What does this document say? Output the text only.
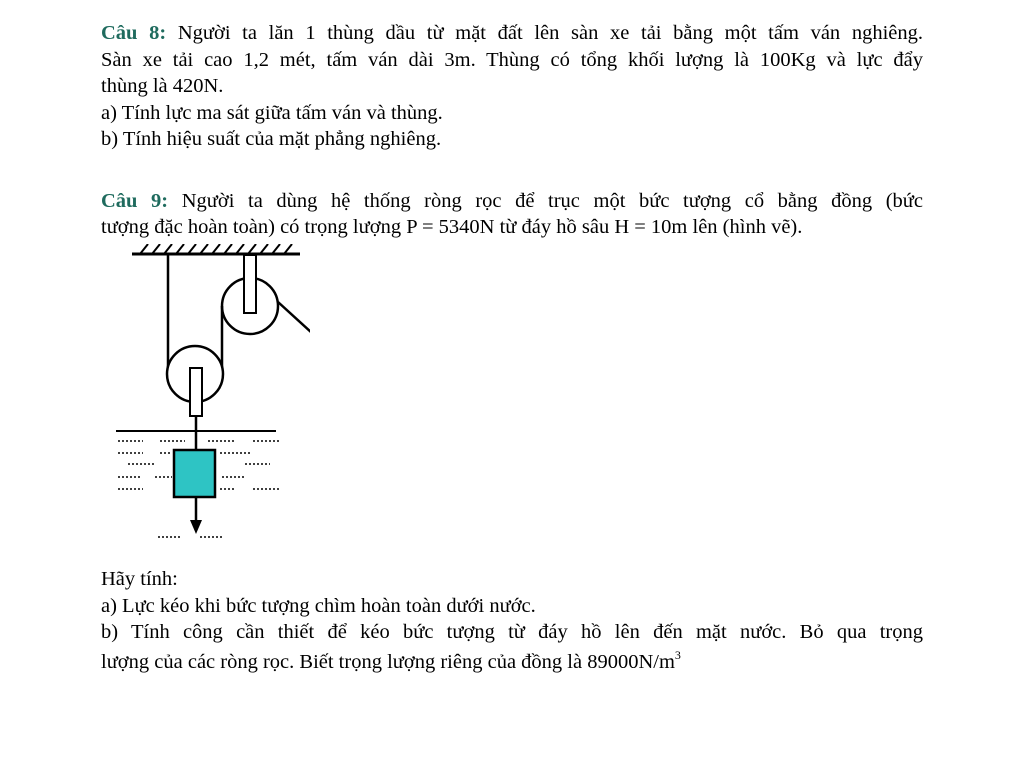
Câu 8: Người ta lăn 1 thùng dầu từ mặt đất lên sàn xe tải bằng một tấm ván nghiêng.

Sàn xe tải cao 1,2 mét, tấm ván dài 3m. Thùng có tổng khối lượng là 100Kg và lực đẩy

thùng là 420N.

a) Tính lực ma sát giữa tấm ván và thùng.

b) Tính hiệu suất của mặt phẳng nghiêng.

Câu 9: Người ta dùng hệ thống ròng rọc để trục một bức tượng cổ bằng đồng (bức

tượng đặc hoàn toàn) có trọng lượng P = 5340N từ đáy hồ sâu H = 10m lên (hình vẽ).

Hãy tính:

a) Lực kéo khi bức tượng chìm hoàn toàn dưới nước.

b) Tính công cần thiết để kéo bức tượng từ đáy hồ lên đến mặt nước. Bỏ qua trọng

lượng của các ròng rọc. Biết trọng lượng riêng của đồng là $89000N/m^3$
